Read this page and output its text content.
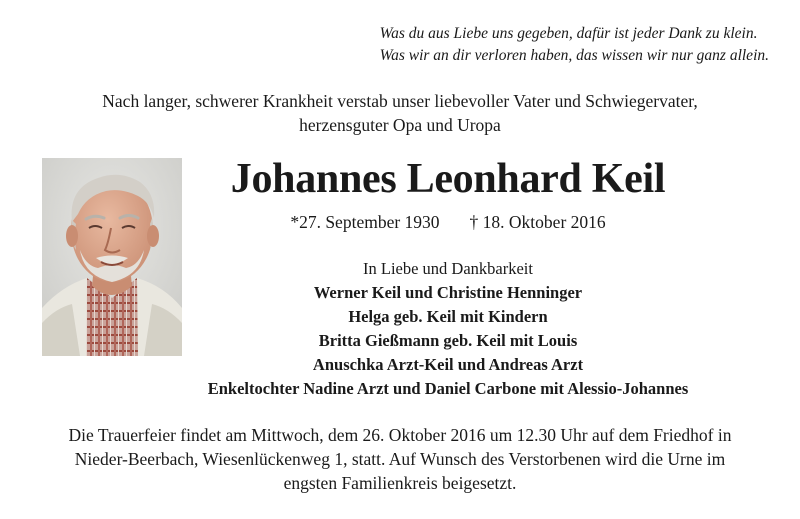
Was du aus Liebe uns gegeben, dafür ist jeder Dank zu klein.
Was wir an dir verloren haben, das wissen wir nur ganz allein.
Nach langer, schwerer Krankheit verstab unser liebevoller Vater und Schwiegervater,
herzensguter Opa und Uropa
Johannes Leonhard Keil
*27. September 1930 † 18. Oktober 2016
In Liebe und Dankbarkeit
Werner Keil und Christine Henninger
Helga geb. Keil mit Kindern
Britta Gießmann geb. Keil mit Louis
Anuschka Arzt-Keil und Andreas Arzt
Enkeltochter Nadine Arzt und Daniel Carbone mit Alessio-Johannes
Die Trauerfeier findet am Mittwoch, dem 26. Oktober 2016 um 12.30 Uhr auf dem Friedhof in
Nieder-Beerbach, Wiesenlückenweg 1, statt. Auf Wunsch des Verstorbenen wird die Urne im
engsten Familienkreis beigesetzt.
